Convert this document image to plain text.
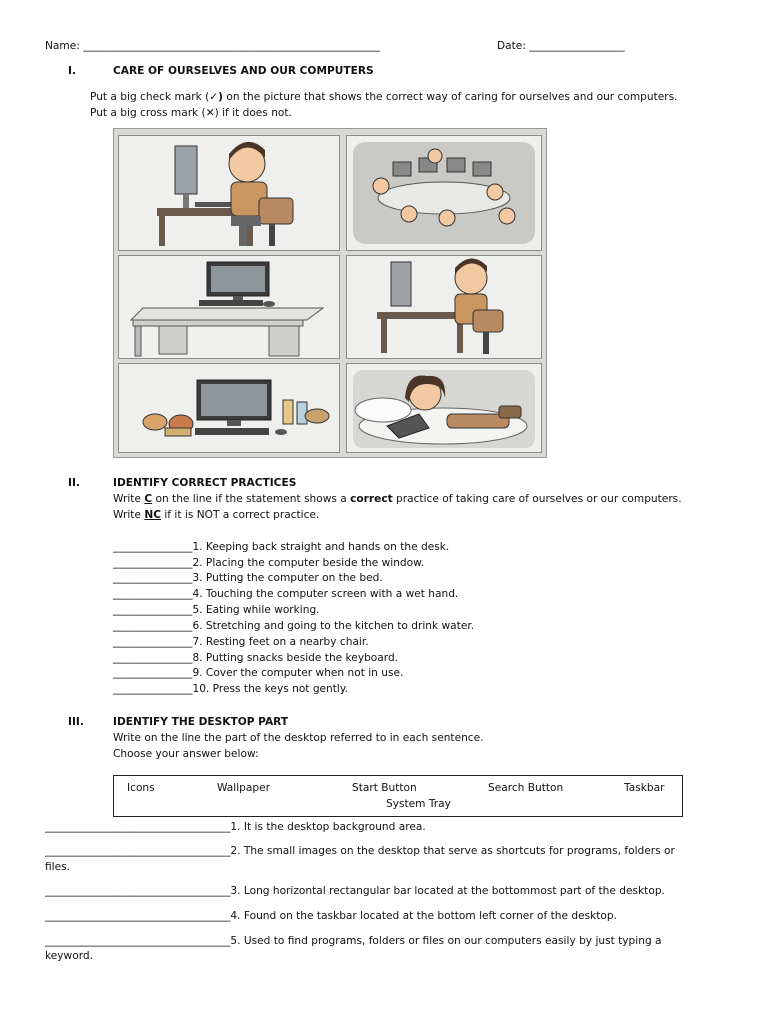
Name: ________________________________________________________	Date: __________________
I.	CARE OF OURSELVES AND OUR COMPUTERS
Put a big check mark (✓) on the picture that shows the correct way of caring for ourselves and our computers.
Put a big cross mark (✕) if it does not.
II.	IDENTIFY CORRECT PRACTICES
Write C on the line if the statement shows a correct practice of taking care of ourselves or our computers.
Write NC if it is NOT a correct practice.
_______________1. Keeping back straight and hands on the desk.
_______________2. Placing the computer beside the window.
_______________3. Putting the computer on the bed.
_______________4. Touching the computer screen with a wet hand.
_______________5. Eating while working.
_______________6. Stretching and going to the kitchen to drink water.
_______________7. Resting feet on a nearby chair.
_______________8. Putting snacks beside the keyboard.
_______________9. Cover the computer when not in use.
_______________10. Press the keys not gently.
III.	IDENTIFY THE DESKTOP PART
Write on the line the part of the desktop referred to in each sentence.
Choose your answer below:
Icons	Wallpaper	Start Button	Search Button	Taskbar
System Tray
___________________________________1. It is the desktop background area.
___________________________________2. The small images on the desktop that serve as shortcuts for programs, folders or
files.
___________________________________3. Long horizontal rectangular bar located at the bottommost part of the desktop.
___________________________________4. Found on the taskbar located at the bottom left corner of the desktop.
___________________________________5. Used to find programs, folders or files on our computers easily by just typing a
keyword.
